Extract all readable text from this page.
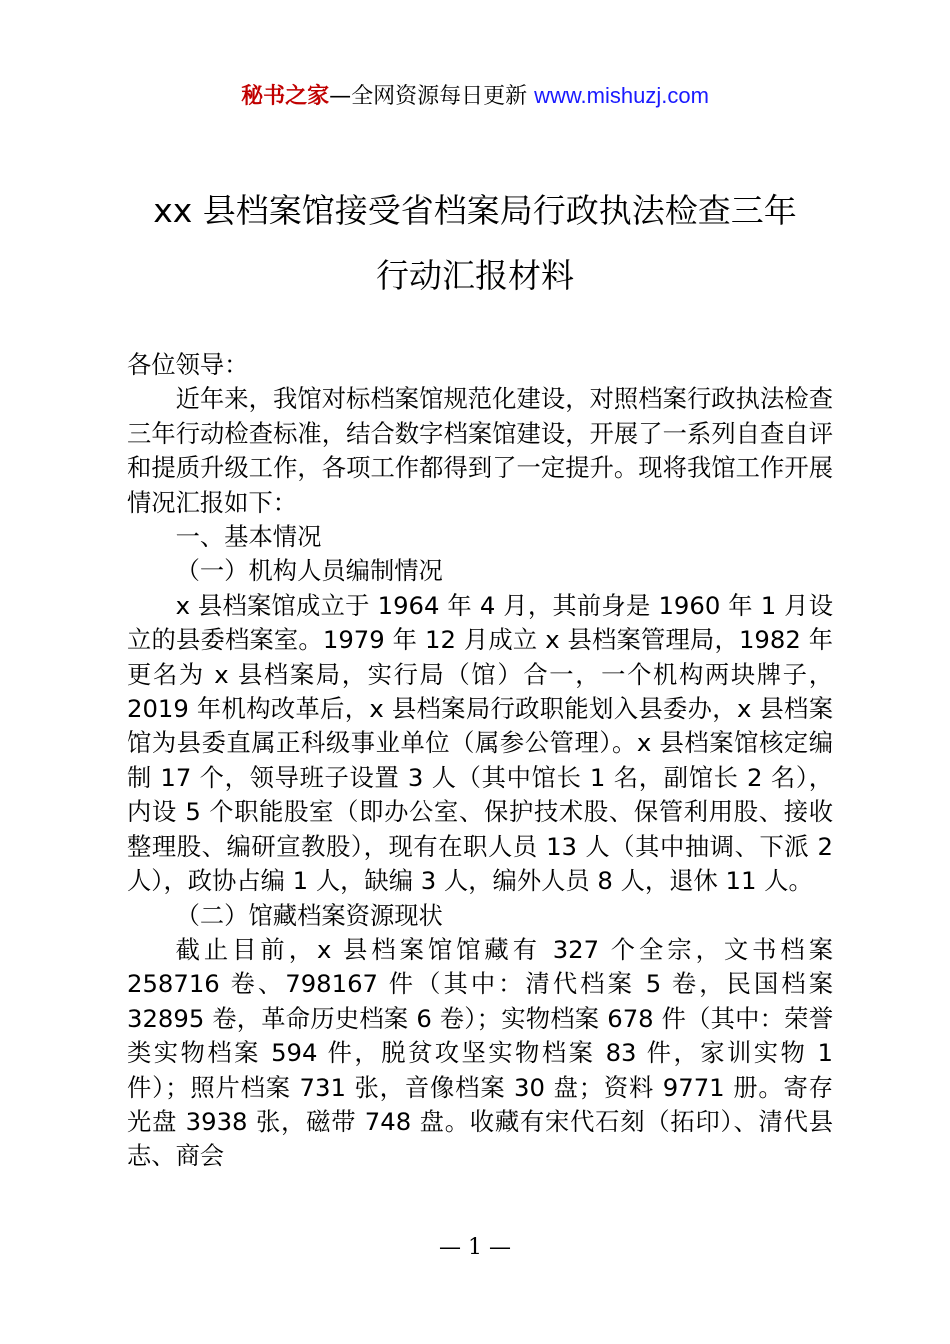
秘书之家—全网资源每日更新 www.mishuzj.com
xx 县档案馆接受省档案局行政执法检查三年
行动汇报材料

各位领导：

近年来，我馆对标档案馆规范化建设，对照档案行政执法检查三年行动检查标准，结合数字档案馆建设，开展了一系列自查自评和提质升级工作，各项工作都得到了一定提升。现将我馆工作开展情况汇报如下：

一、基本情况

（一）机构人员编制情况

x 县档案馆成立于 1964 年 4 月，其前身是 1960 年 1 月设立的县委档案室。1979 年 12 月成立 x 县档案管理局，1982 年更名为 x 县档案局，实行局（馆）合一，一个机构两块牌子，2019 年机构改革后，x 县档案局行政职能划入县委办，x 县档案馆为县委直属正科级事业单位（属参公管理）。x 县档案馆核定编制 17 个，领导班子设置 3 人（其中馆长 1 名，副馆长 2 名），内设 5 个职能股室（即办公室、保护技术股、保管利用股、接收整理股、编研宣教股），现有在职人员 13 人（其中抽调、下派 2 人），政协占编 1 人，缺编 3 人，编外人员 8 人，退休 11 人。

（二）馆藏档案资源现状

截止目前，x 县档案馆馆藏有 327 个全宗，文书档案 258716 卷、798167 件（其中：清代档案 5 卷，民国档案 32895 卷，革命历史档案 6 卷）；实物档案 678 件（其中：荣誉类实物档案 594 件，脱贫攻坚实物档案 83 件，家训实物 1 件）；照片档案 731 张，音像档案 30 盘；资料 9771 册。寄存光盘 3938 张，磁带 748 盘。收藏有宋代石刻（拓印）、清代县志、商会

— 1 —
